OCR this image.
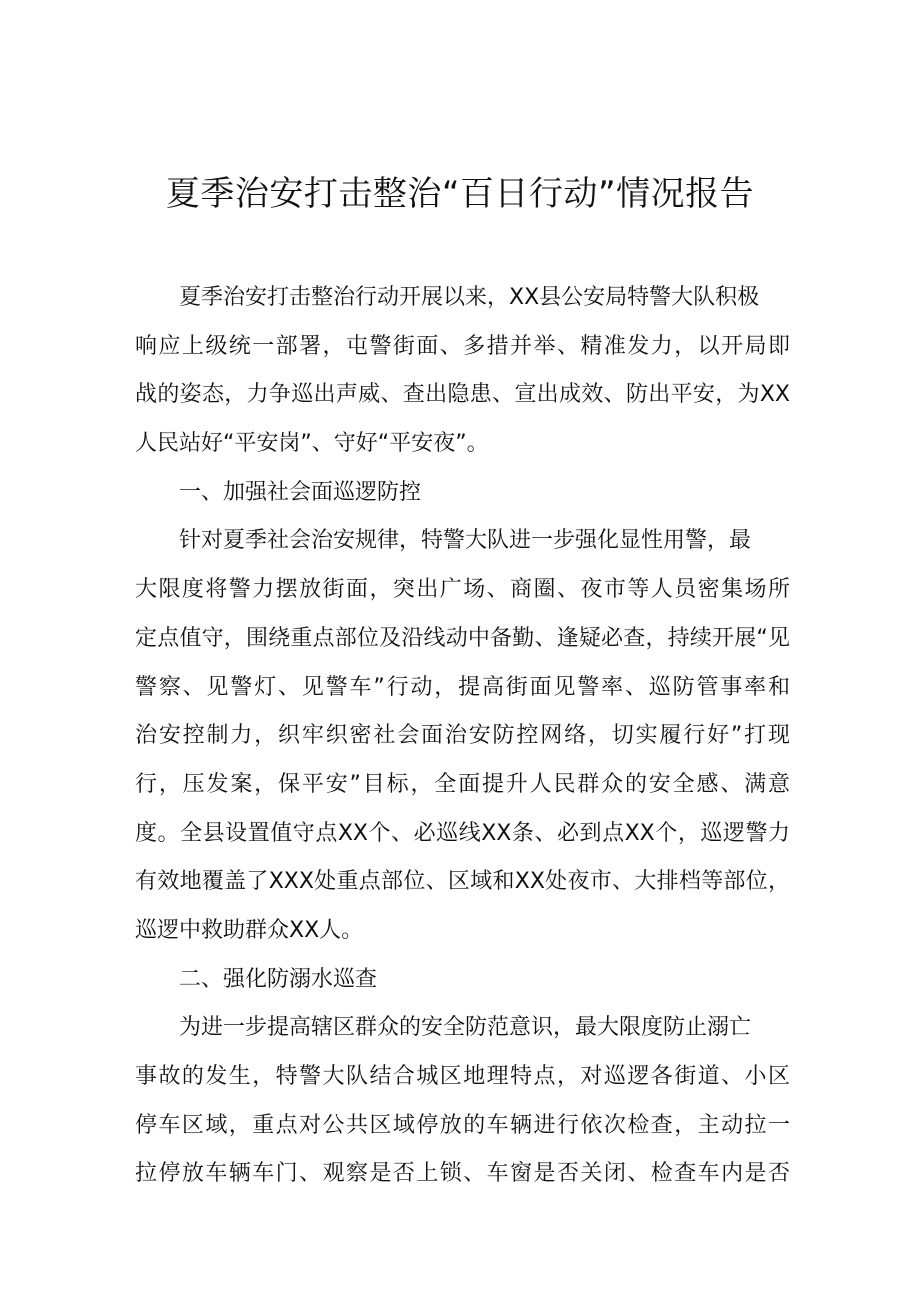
夏季治安打击整治“百日行动”情况报告
夏季治安打击整治行动开展以来，XX县公安局特警大队积极
响应上级统一部署，屯警街面、多措并举、精准发力，以开局即
战的姿态，力争巡出声威、查出隐患、宣出成效、防出平安，为XX
人民站好“平安岗”、守好“平安夜”。
一、加强社会面巡逻防控
针对夏季社会治安规律，特警大队进一步强化显性用警，最
大限度将警力摆放街面，突出广场、商圈、夜市等人员密集场所
定点值守，围绕重点部位及沿线动中备勤、逢疑必查，持续开展“见
警察、见警灯、见警车”行动，提高街面见警率、巡防管事率和
治安控制力，织牢织密社会面治安防控网络，切实履行好”打现
行，压发案，保平安”目标，全面提升人民群众的安全感、满意
度。全县设置值守点XX个、必巡线XX条、必到点XX个，巡逻警力
有效地覆盖了XXX处重点部位、区域和XX处夜市、大排档等部位，
巡逻中救助群众XX人。
二、强化防溺水巡查
为进一步提高辖区群众的安全防范意识，最大限度防止溺亡
事故的发生，特警大队结合城区地理特点，对巡逻各街道、小区
停车区域，重点对公共区域停放的车辆进行依次检查，主动拉一
拉停放车辆车门、观察是否上锁、车窗是否关闭、检查车内是否
